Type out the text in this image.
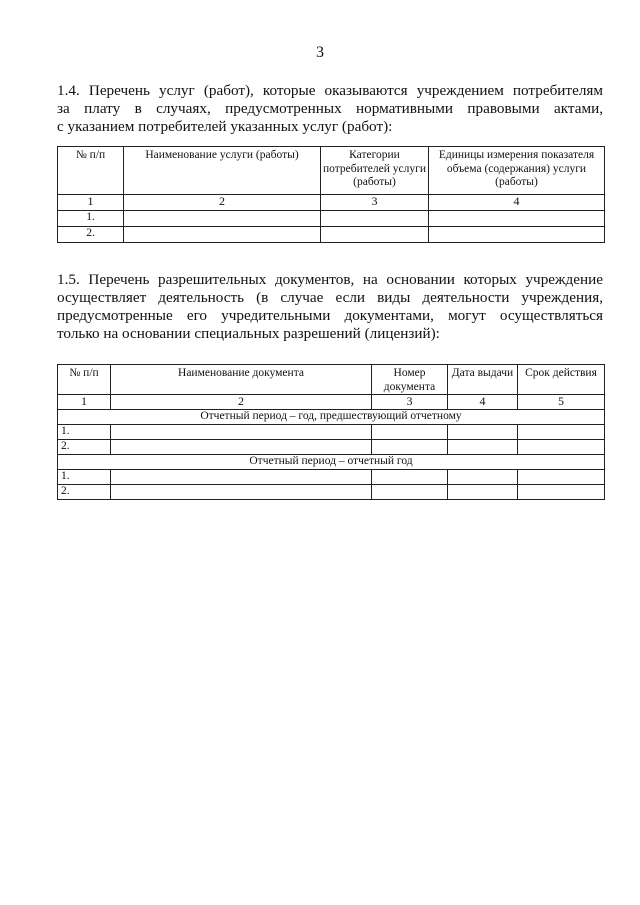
3
1.4. Перечень услуг (работ), которые оказываются учреждением потребителям
за плату в случаях, предусмотренных нормативными правовыми актами,
с указанием потребителей указанных услуг (работ):
№ п/п	Наименование услуги (работы)	Категории потребителей услуги (работы)	Единицы измерения показателя объема (содержания) услуги (работы)
1	2	3	4
1.			
2.			
1.5. Перечень разрешительных документов, на основании которых учреждение
осуществляет деятельность (в случае если виды деятельности учреждения,
предусмотренные его учредительными документами, могут осуществляться
только на основании специальных разрешений (лицензий):
№ п/п	Наименование документа	Номер документа	Дата выдачи	Срок действия
1	2	3	4	5
Отчетный период – год, предшествующий отчетному				
1.				
2.				
Отчетный период – отчетный год				
1.				
2.				
